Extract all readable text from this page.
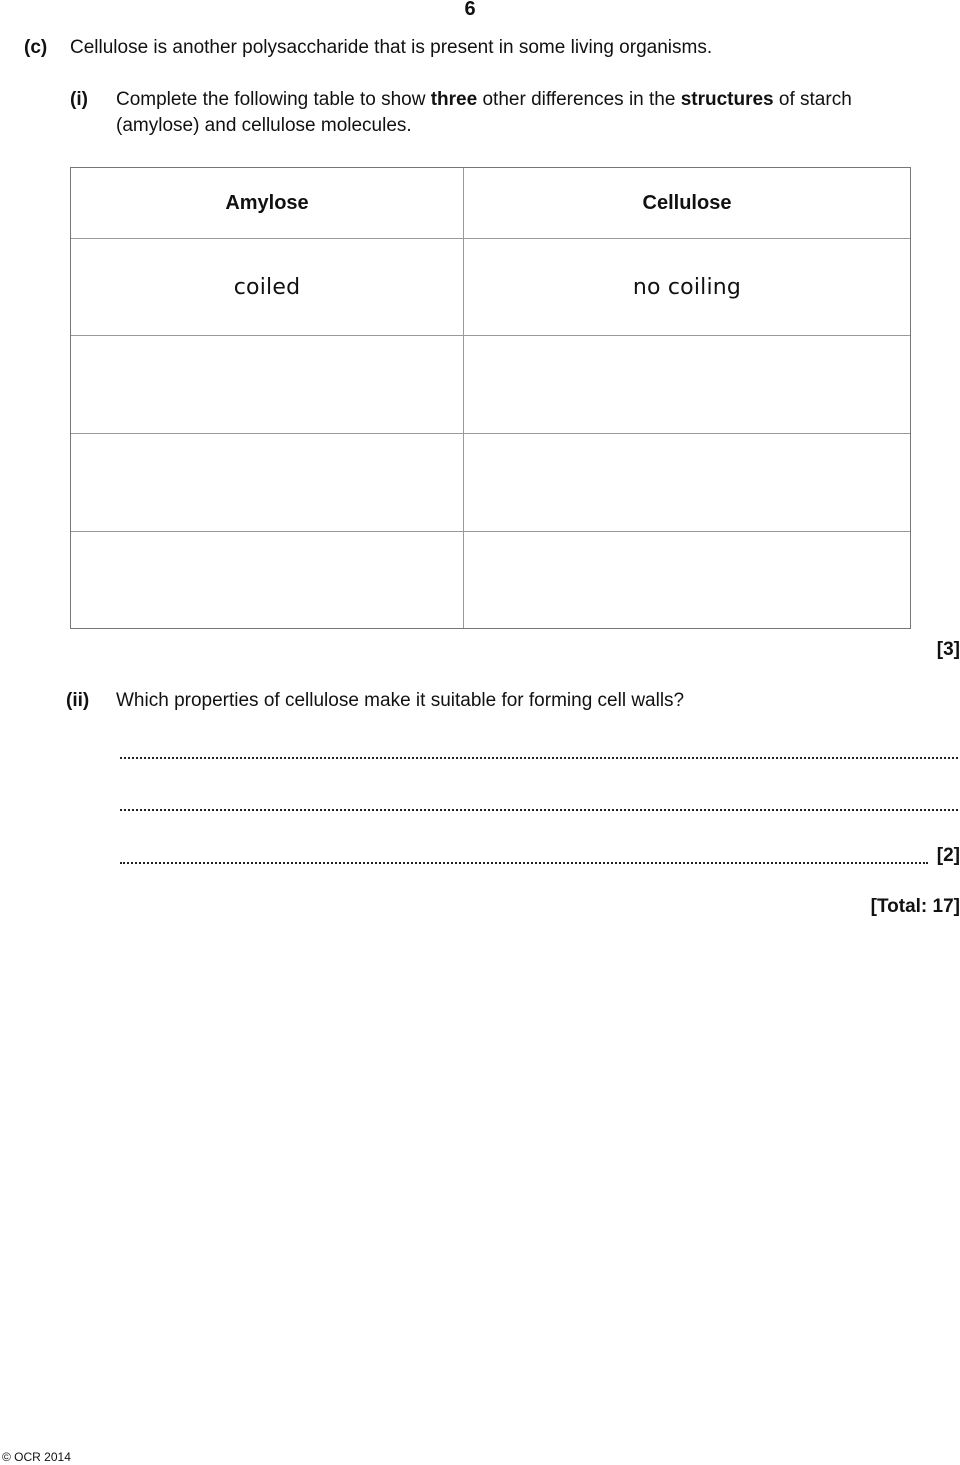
6
(c) Cellulose is another polysaccharide that is present in some living organisms.
(i) Complete the following table to show three other differences in the structures of starch
(amylose) and cellulose molecules.
Amylose	Cellulose
coiled	no coiling
[3]
(ii) Which properties of cellulose make it suitable for forming cell walls?
[2]
[Total: 17]
© OCR 2014
